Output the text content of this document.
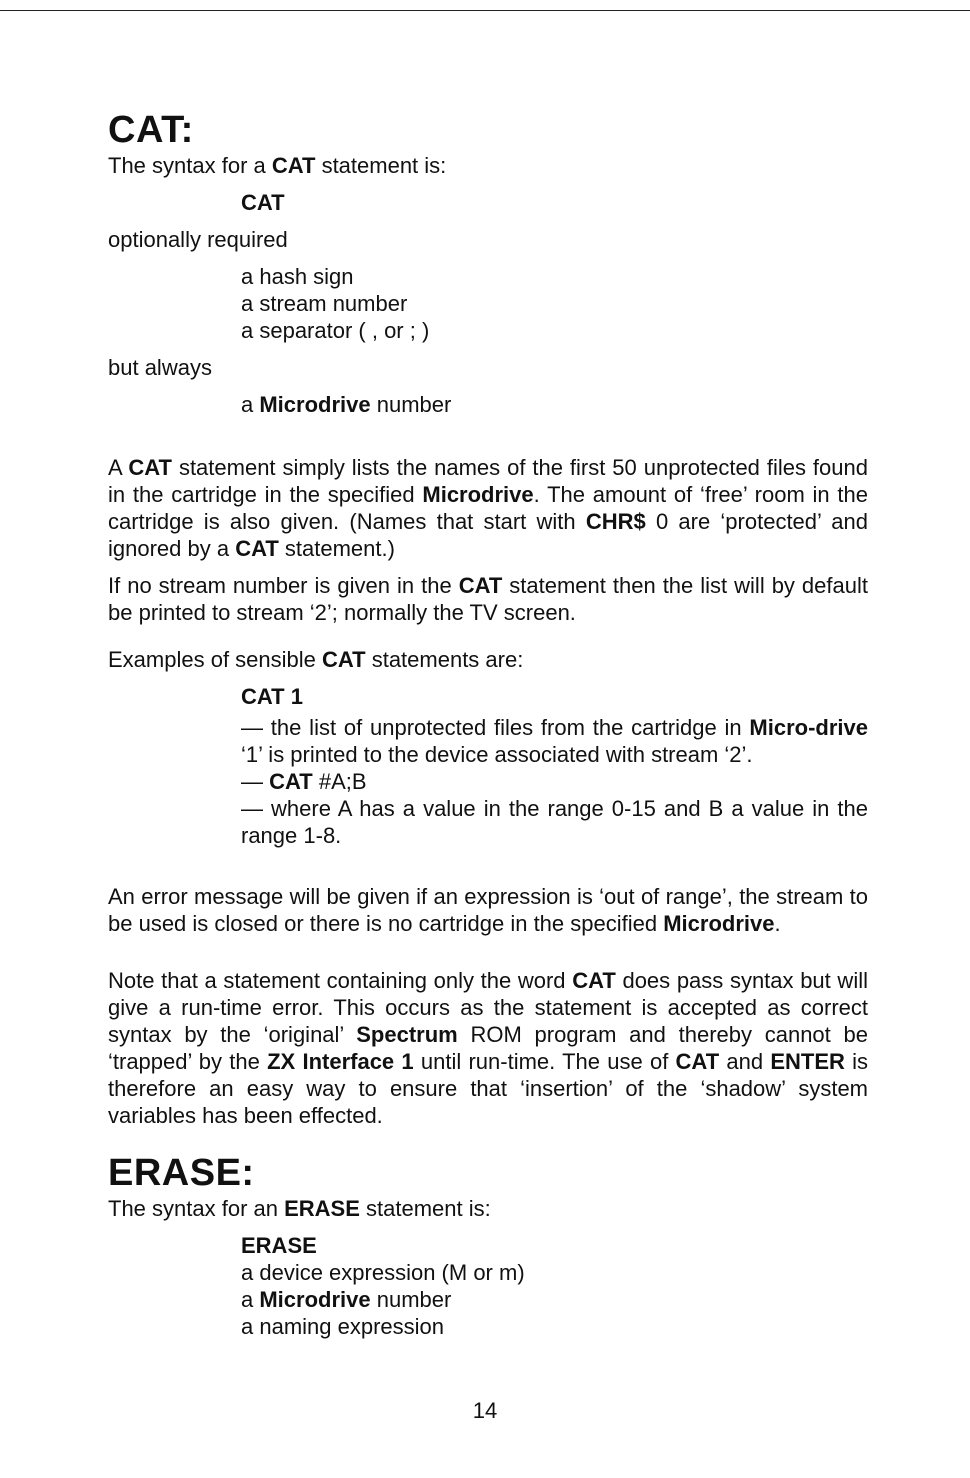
CAT:

The syntax for a CAT statement is:

CAT

optionally required

a hash sign

a stream number

a separator ( , or ; )

but always

a Microdrive number

A CAT statement simply lists the names of the first 50 unprotected files found in the cartridge in the specified Microdrive. The amount of ‘free’ room in the cartridge is also given. (Names that start with CHR$ 0 are ‘protected’ and ignored by a CAT statement.)

If no stream number is given in the CAT statement then the list will by default be printed to stream ‘2’; normally the TV screen.

Examples of sensible CAT statements are:

CAT 1

— the list of unprotected files from the cartridge in Micro-drive ‘1’ is printed to the device associated with stream ‘2’.

— CAT #A;B

— where A has a value in the range 0-15 and B a value in the range 1-8.

An error message will be given if an expression is ‘out of range’, the stream to be used is closed or there is no cartridge in the specified Microdrive.

Note that a statement containing only the word CAT does pass syntax but will give a run-time error. This occurs as the statement is accepted as correct syntax by the ‘original’ Spectrum ROM program and thereby cannot be ‘trapped’ by the ZX Interface 1 until run-time. The use of CAT and ENTER is therefore an easy way to ensure that ‘insertion’ of the ‘shadow’ system variables has been effected.

ERASE:

The syntax for an ERASE statement is:

ERASE

a device expression (M or m)

a Microdrive number

a naming expression

14
